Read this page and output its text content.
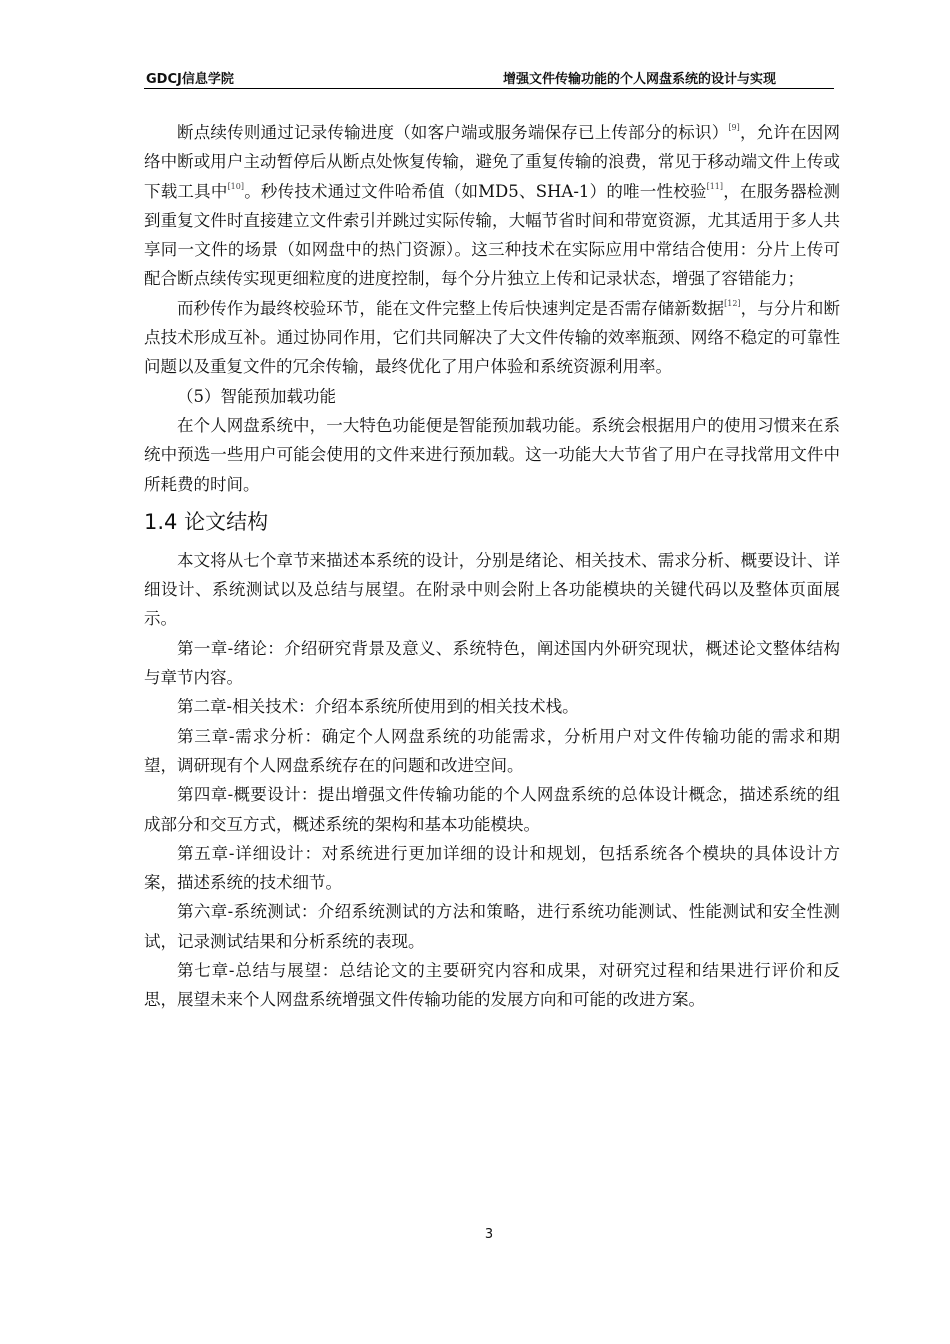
GDCJ信息学院	增强文件传输功能的个人网盘系统的设计与实现

断点续传则通过记录传输进度（如客户端或服务端保存已上传部分的标识）[9]，允许在因网络中断或用户主动暂停后从断点处恢复传输，避免了重复传输的浪费，常见于移动端文件上传或下载工具中[10]。秒传技术通过文件哈希值（如MD5、SHA-1）的唯一性校验[11]，在服务器检测到重复文件时直接建立文件索引并跳过实际传输，大幅节省时间和带宽资源，尤其适用于多人共享同一文件的场景（如网盘中的热门资源）。这三种技术在实际应用中常结合使用：分片上传可配合断点续传实现更细粒度的进度控制，每个分片独立上传和记录状态，增强了容错能力；

而秒传作为最终校验环节，能在文件完整上传后快速判定是否需存储新数据[12]，与分片和断点技术形成互补。通过协同作用，它们共同解决了大文件传输的效率瓶颈、网络不稳定的可靠性问题以及重复文件的冗余传输，最终优化了用户体验和系统资源利用率。

（5）智能预加载功能

在个人网盘系统中，一大特色功能便是智能预加载功能。系统会根据用户的使用习惯来在系统中预选一些用户可能会使用的文件来进行预加载。这一功能大大节省了用户在寻找常用文件中所耗费的时间。

1.4 论文结构

本文将从七个章节来描述本系统的设计，分别是绪论、相关技术、需求分析、概要设计、详细设计、系统测试以及总结与展望。在附录中则会附上各功能模块的关键代码以及整体页面展示。

第一章-绪论：介绍研究背景及意义、系统特色，阐述国内外研究现状，概述论文整体结构与章节内容。

第二章-相关技术：介绍本系统所使用到的相关技术栈。

第三章-需求分析：确定个人网盘系统的功能需求，分析用户对文件传输功能的需求和期望，调研现有个人网盘系统存在的问题和改进空间。

第四章-概要设计：提出增强文件传输功能的个人网盘系统的总体设计概念，描述系统的组成部分和交互方式，概述系统的架构和基本功能模块。

第五章-详细设计：对系统进行更加详细的设计和规划，包括系统各个模块的具体设计方案，描述系统的技术细节。

第六章-系统测试：介绍系统测试的方法和策略，进行系统功能测试、性能测试和安全性测试，记录测试结果和分析系统的表现。

第七章-总结与展望：总结论文的主要研究内容和成果，对研究过程和结果进行评价和反思，展望未来个人网盘系统增强文件传输功能的发展方向和可能的改进方案。

3
